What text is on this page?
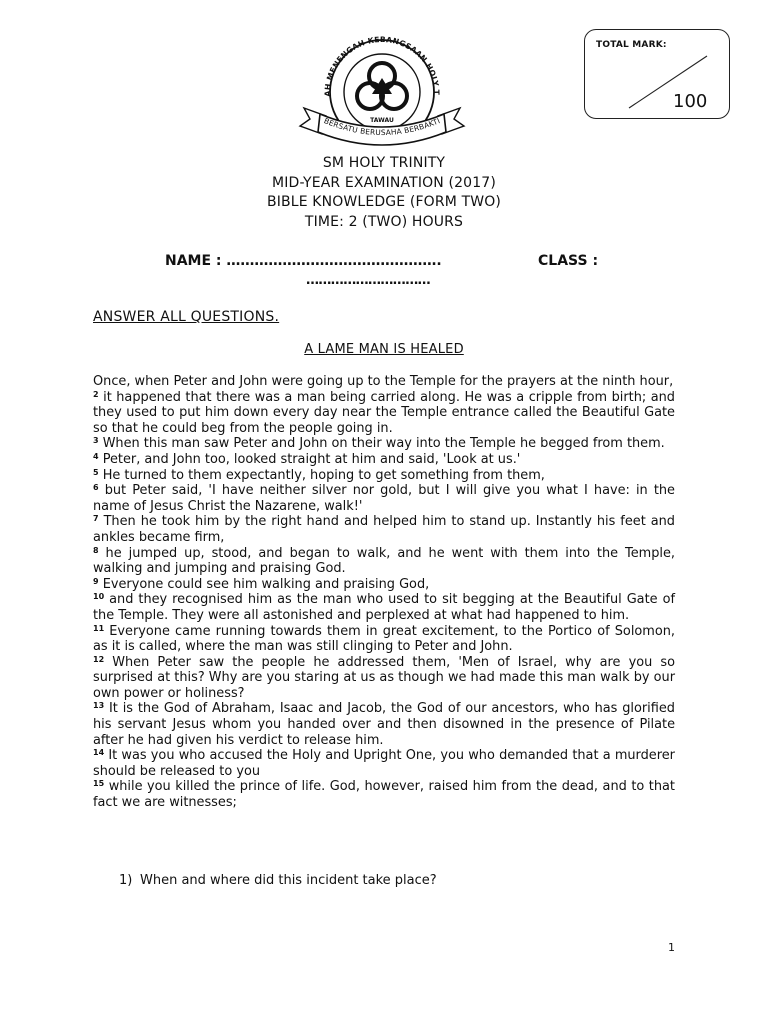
AH MENENGAH KEBANGSAAN HOLY T
TAWAU
BERSATU BERUSAHA BERBAKTI
TOTAL MARK:
100
SM HOLY TRINITY
MID-YEAR EXAMINATION (2017)
BIBLE KNOWLEDGE (FORM TWO)
TIME: 2 (TWO) HOURS
NAME : ……………………………………….	CLASS :
…………………………
ANSWER ALL QUESTIONS.
A LAME MAN IS HEALED

Once, when Peter and John were going up to the Temple for the prayers at the ninth hour,

$^2$ it happened that there was a man being carried along. He was a cripple from birth; and they used to put him down every day near the Temple entrance called the Beautiful Gate so that he could beg from the people going in.

$^3$ When this man saw Peter and John on their way into the Temple he begged from them.

$^4$ Peter, and John too, looked straight at him and said, 'Look at us.'

$^5$ He turned to them expectantly, hoping to get something from them,

$^6$ but Peter said, 'I have neither silver nor gold, but I will give you what I have: in the name of Jesus Christ the Nazarene, walk!'

$^7$ Then he took him by the right hand and helped him to stand up. Instantly his feet and ankles became firm,

$^8$ he jumped up, stood, and began to walk, and he went with them into the Temple, walking and jumping and praising God.

$^9$ Everyone could see him walking and praising God,

$^{10}$ and they recognised him as the man who used to sit begging at the Beautiful Gate of the Temple. They were all astonished and perplexed at what had happened to him.

$^{11}$ Everyone came running towards them in great excitement, to the Portico of Solomon, as it is called, where the man was still clinging to Peter and John.

$^{12}$ When Peter saw the people he addressed them, 'Men of Israel, why are you so surprised at this? Why are you staring at us as though we had made this man walk by our own power or holiness?

$^{13}$ It is the God of Abraham, Isaac and Jacob, the God of our ancestors, who has glorified his servant Jesus whom you handed over and then disowned in the presence of Pilate after he had given his verdict to release him.

$^{14}$ It was you who accused the Holy and Upright One, you who demanded that a murderer should be released to you

$^{15}$ while you killed the prince of life. God, however, raised him from the dead, and to that fact we are witnesses;

1) When and where did this incident take place?
1
